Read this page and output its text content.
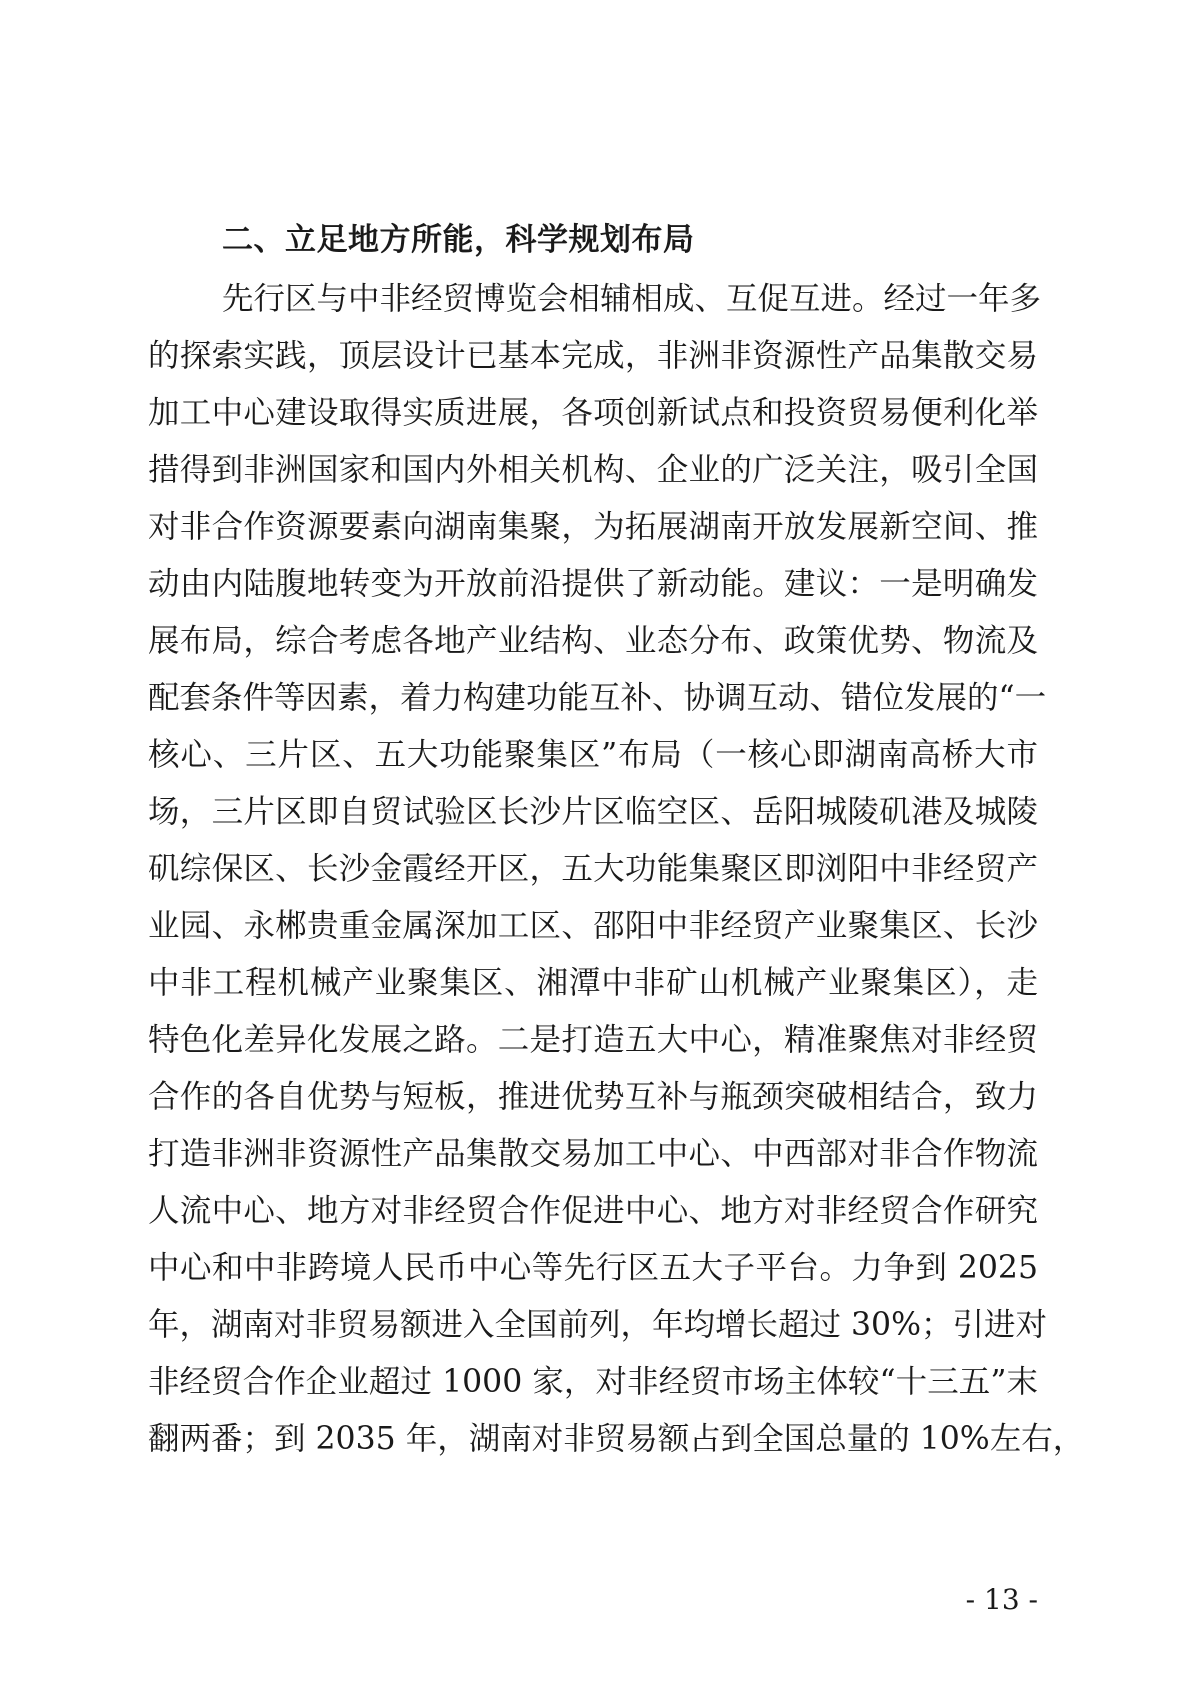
二、立足地方所能，科学规划布局
先行区与中非经贸博览会相辅相成、互促互进。经过一年多
的探索实践，顶层设计已基本完成，非洲非资源性产品集散交易
加工中心建设取得实质进展，各项创新试点和投资贸易便利化举
措得到非洲国家和国内外相关机构、企业的广泛关注，吸引全国
对非合作资源要素向湖南集聚，为拓展湖南开放发展新空间、推
动由内陆腹地转变为开放前沿提供了新动能。建议：一是明确发
展布局，综合考虑各地产业结构、业态分布、政策优势、物流及
配套条件等因素，着力构建功能互补、协调互动、错位发展的“一
核心、三片区、五大功能聚集区”布局（一核心即湖南高桥大市
场，三片区即自贸试验区长沙片区临空区、岳阳城陵矶港及城陵
矶综保区、长沙金霞经开区，五大功能集聚区即浏阳中非经贸产
业园、永郴贵重金属深加工区、邵阳中非经贸产业聚集区、长沙
中非工程机械产业聚集区、湘潭中非矿山机械产业聚集区），走
特色化差异化发展之路。二是打造五大中心，精准聚焦对非经贸
合作的各自优势与短板，推进优势互补与瓶颈突破相结合，致力
打造非洲非资源性产品集散交易加工中心、中西部对非合作物流
人流中心、地方对非经贸合作促进中心、地方对非经贸合作研究
中心和中非跨境人民币中心等先行区五大子平台。力争到 2025
年，湖南对非贸易额进入全国前列，年均增长超过 30%；引进对
非经贸合作企业超过 1000 家，对非经贸市场主体较“十三五”末
翻两番；到 2035 年，湖南对非贸易额占到全国总量的 10%左右，
- 13 -
